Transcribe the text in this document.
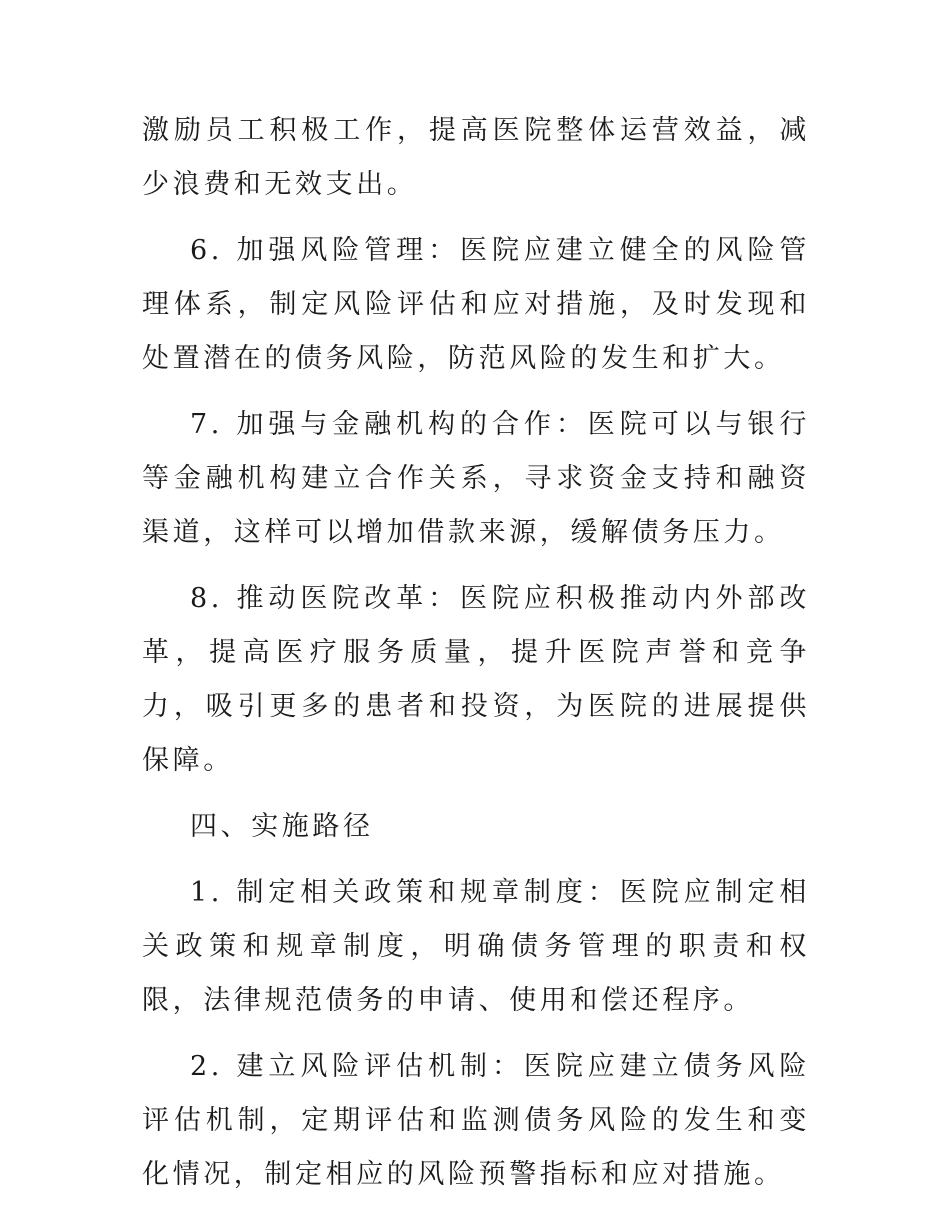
激励员工积极工作，提高医院整体运营效益，减少浪费和无效支出。

6. 加强风险管理：医院应建立健全的风险管理体系，制定风险评估和应对措施，及时发现和处置潜在的债务风险，防范风险的发生和扩大。

7. 加强与金融机构的合作：医院可以与银行等金融机构建立合作关系，寻求资金支持和融资渠道，这样可以增加借款来源，缓解债务压力。

8. 推动医院改革：医院应积极推动内外部改革，提高医疗服务质量，提升医院声誉和竞争力，吸引更多的患者和投资，为医院的进展提供保障。

四、实施路径

1. 制定相关政策和规章制度：医院应制定相关政策和规章制度，明确债务管理的职责和权限，法律规范债务的申请、使用和偿还程序。

2. 建立风险评估机制：医院应建立债务风险评估机制，定期评估和监测债务风险的发生和变化情况，制定相应的风险预警指标和应对措施。
